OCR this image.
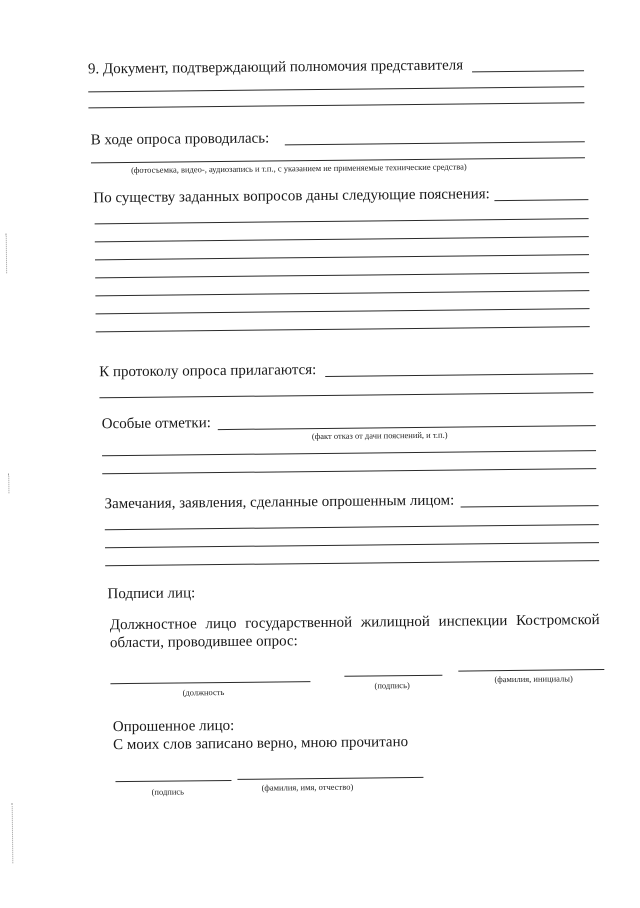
9. Документ, подтверждающий полномочия представителя
В ходе опроса проводилась:
(фотосъемка, видео-, аудиозапись и т.п., с указанием не применяемые технические средства)
По существу заданных вопросов даны следующие пояснения:
К протоколу опроса прилагаются:
Особые отметки:
(факт отказ от дачи пояснений, и т.п.)
Замечания, заявления, сделанные опрошенным лицом:
Подписи лиц:
Должностное лицо государственной жилищной инспекции Костромской
области, проводившее опрос:
(должность
(подпись)
(фамилия, инициалы)
Опрошенное лицо:
С моих слов записано верно, мною прочитано
(подпись	(фамилия, имя, отчество)
